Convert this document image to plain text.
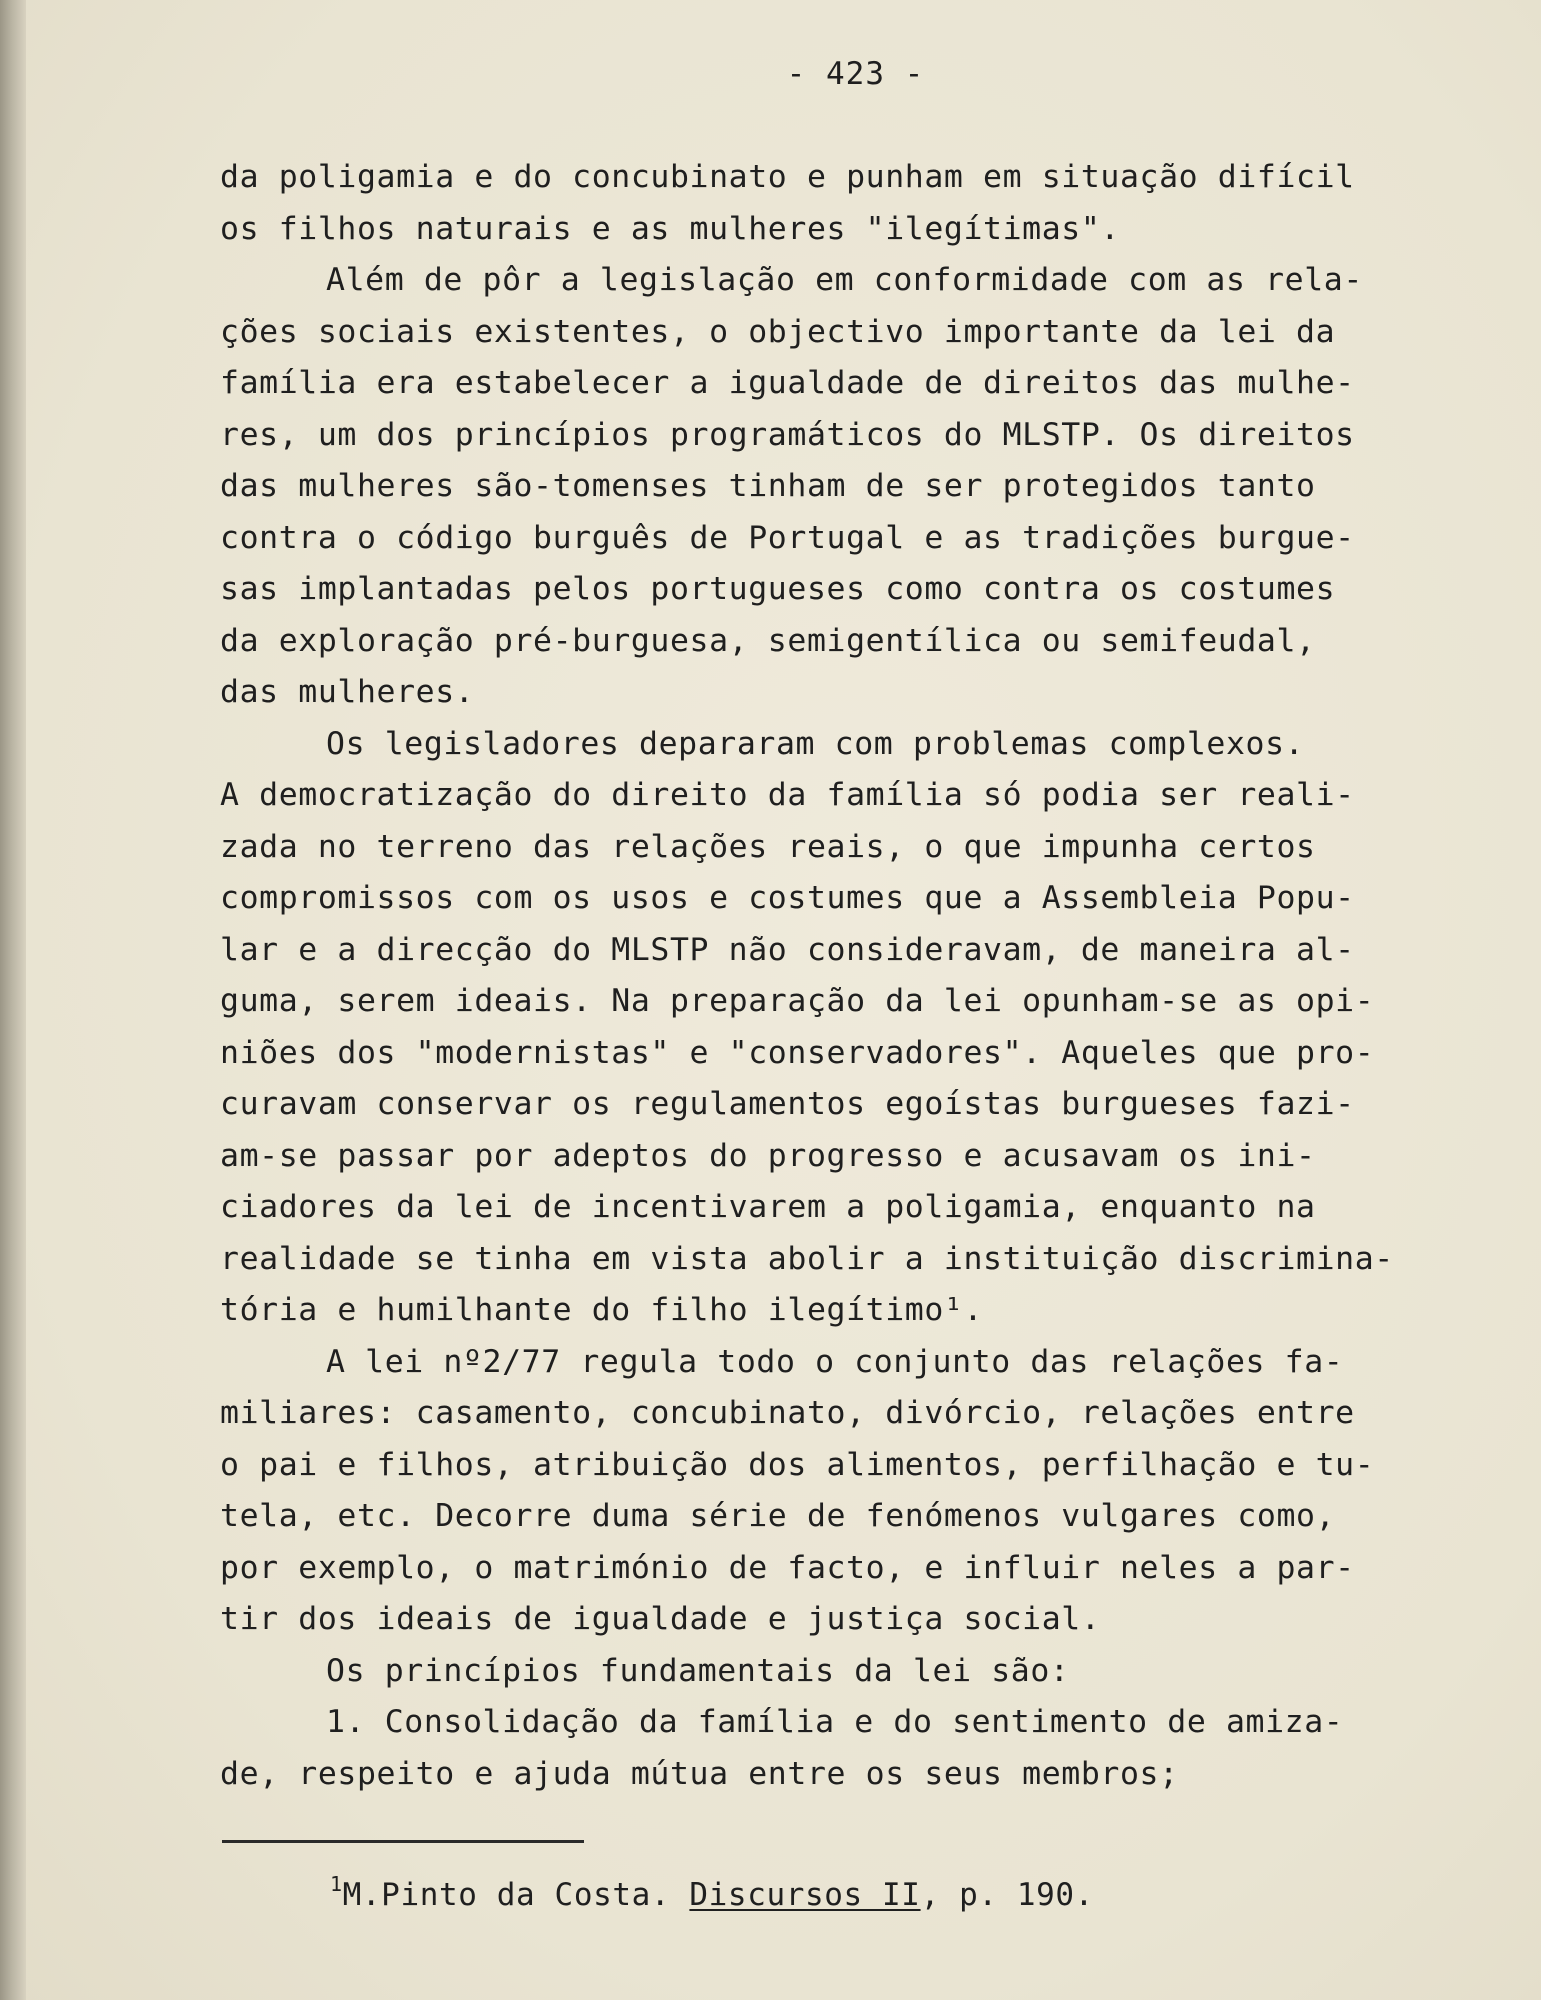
- 423 -
da poligamia e do concubinato e punham em situação difícil
os filhos naturais e as mulheres "ilegítimas".
Além de pôr a legislação em conformidade com as rela-
ções sociais existentes, o objectivo importante da lei da
família era estabelecer a igualdade de direitos das mulhe-
res, um dos princípios programáticos do MLSTP. Os direitos
das mulheres são-tomenses tinham de ser protegidos tanto
contra o código burguês de Portugal e as tradições burgue-
sas implantadas pelos portugueses como contra os costumes
da exploração pré-burguesa, semigentílica ou semifeudal,
das mulheres.
Os legisladores depararam com problemas complexos.
A democratização do direito da família só podia ser reali-
zada no terreno das relações reais, o que impunha certos
compromissos com os usos e costumes que a Assembleia Popu-
lar e a direcção do MLSTP não consideravam, de maneira al-
guma, serem ideais. Na preparação da lei opunham-se as opi-
niões dos "modernistas" e "conservadores". Aqueles que pro-
curavam conservar os regulamentos egoístas burgueses fazi-
am-se passar por adeptos do progresso e acusavam os ini-
ciadores da lei de incentivarem a poligamia, enquanto na
realidade se tinha em vista abolir a instituição discrimina-
tória e humilhante do filho ilegítimo¹.
A lei nº2/77 regula todo o conjunto das relações fa-
miliares: casamento, concubinato, divórcio, relações entre
o pai e filhos, atribuição dos alimentos, perfilhação e tu-
tela, etc. Decorre duma série de fenómenos vulgares como,
por exemplo, o matrimónio de facto, e influir neles a par-
tir dos ideais de igualdade e justiça social.
Os princípios fundamentais da lei são:
1. Consolidação da família e do sentimento de amiza-
de, respeito e ajuda mútua entre os seus membros;
$^1$M.Pinto da Costa. Discursos II, p. 190.
